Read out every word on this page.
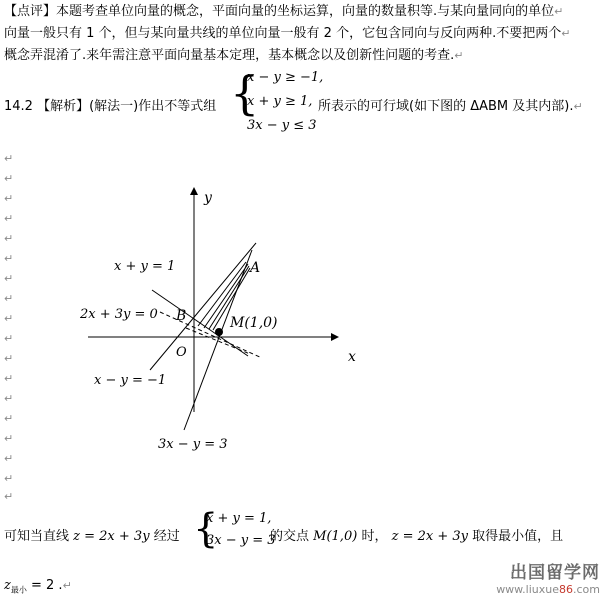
【点评】本题考查单位向量的概念，平面向量的坐标运算，向量的数量积等.与某向量同向的单位↵
向量一般只有 1 个，但与某向量共线的单位向量一般有 2 个，它包含同向与反向两种.不要把两个↵
概念弄混淆了.来年需注意平面向量基本定理，基本概念以及创新性问题的考查.↵
14.2 【解析】(解法一)作出不等式组 {
x − y ≥ −1,
x + y ≥ 1,
3x − y ≤ 3
所表示的可行域(如下图的 ΔABM 及其内部).↵
↵
↵
↵
↵
↵
↵
↵
↵
↵
↵
↵
↵
↵
↵
↵
↵
↵
↵
y
x
O
A
B	M(1,0)
x + y = 1
2x + 3y = 0
x − y = −1
3x − y = 3
可知当直线 z = 2x + 3y 经过 {
x + y = 1,
3x − y = 3
的交点 M(1,0) 时， z = 2x + 3y 取得最小值，且
$z_{最小} = 2$ .↵
出国留学网
www.liuxue86.com
